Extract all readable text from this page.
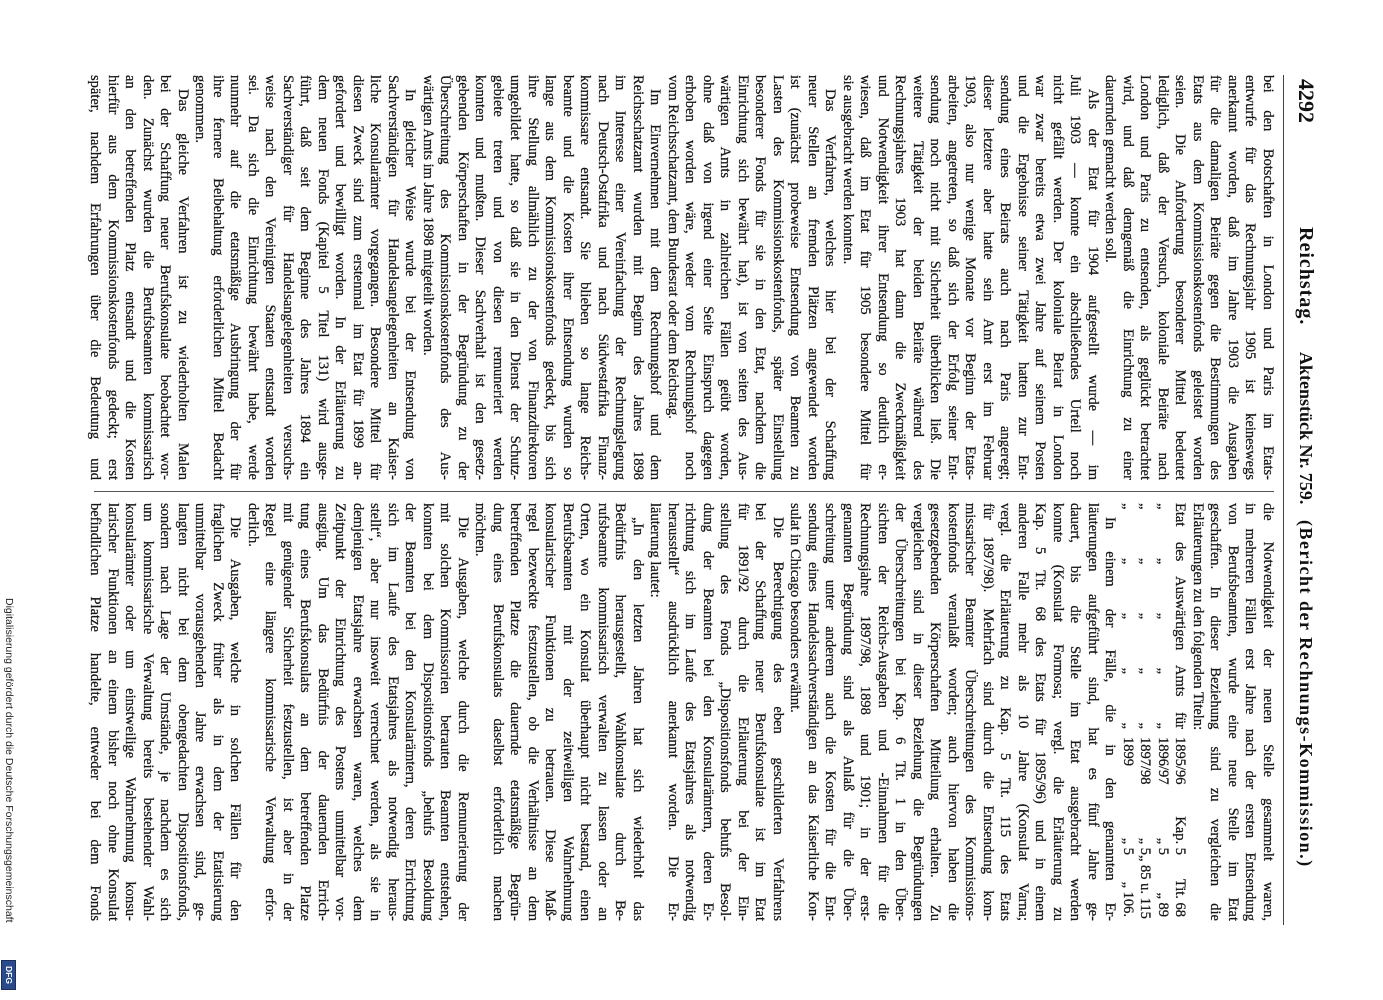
4292
Reichstag.
Aktenstück Nr. 759.
(Bericht der Rechnungs-Kommission.)
bei den Botschaften in London und Paris im Etats-
entwurfe für das Rechnungsjahr 1905 ist keineswegs
anerkannt worden, daß im Jahre 1903 die Ausgaben
für die damaligen Beiräte gegen die Bestimmungen des
Etats aus dem Kommissionskostenfonds geleistet worden
seien. Die Anforderung besonderer Mittel bedeutet
lediglich, daß der Versuch, koloniale Beiräte nach
London und Paris zu entsenden, als geglückt betrachtet
wird, und daß demgemäß die Einrichtung zu einer
dauernden gemacht werden soll.
Als der Etat für 1904 aufgestellt wurde — im
Juli 1903 — konnte ein abschließendes Urteil noch
nicht gefällt werden. Der koloniale Beirat in London
war zwar bereits etwa zwei Jahre auf seinem Posten
und die Ergebnisse seiner Tätigkeit hatten zur Ent-
sendung eines Beirats auch nach Paris angeregt;
dieser letztere aber hatte sein Amt erst im Februar
1903, also nur wenige Monate vor Beginn der Etats-
arbeiten, angetreten, so daß sich der Erfolg seiner Ent-
sendung noch nicht mit Sicherheit überblicken ließ. Die
weitere Tätigkeit der beiden Beiräte während des
Rechnungsjahres 1903 hat dann die Zweckmäßigkeit
und Notwendigkeit ihrer Entsendung so deutlich er-
wiesen, daß im Etat für 1905 besondere Mittel für
sie ausgebracht werden konnten.
Das Verfahren, welches hier bei der Schaffung
neuer Stellen an fremden Plätzen angewendet worden
ist (zunächst probeweise Entsendung von Beamten zu
Lasten des Kommissionskostenfonds, später Einstellung
besonderer Fonds für sie in den Etat, nachdem die
Einrichtung sich bewährt hat), ist von seiten des Aus-
wärtigen Amts in zahlreichen Fällen geübt worden,
ohne daß von irgend einer Seite Einspruch dagegen
erhoben worden wäre, weder vom Rechnungshof noch
vom Reichsschatzamt, dem Bundesrat oder dem Reichstag.
Im Einvernehmen mit dem Rechnungshof und dem
Reichsschatzamt wurden mit Beginn des Jahres 1898
im Interesse einer Vereinfachung der Rechnungslegung
nach Deutsch-Ostafrika und nach Südwestafrika Finanz-
kommissare entsandt. Sie blieben so lange Reichs-
beamte und die Kosten ihrer Entsendung wurden so
lange aus dem Kommissionskostenfonds gedeckt, bis sich
ihre Stellung allmählich zu der von Finanzdirektoren
umgebildet hatte, so daß sie in den Dienst der Schutz-
gebiete treten und von diesen remuneriert werden
konnten und mußten. Dieser Sachverhalt ist den gesetz-
gebenden Körperschaften in der Begründung zu der
Überschreitung des Kommissionskostenfonds des Aus-
wärtigen Amts im Jahre 1898 mitgeteilt worden.
In gleicher Weise wurde bei der Entsendung von
Sachverständigen für Handelsangelegenheiten an Kaiser-
liche Konsularämter vorgegangen. Besondere Mittel für
diesen Zweck sind zum erstenmal im Etat für 1899 an-
gefordert und bewilligt worden. In der Erläuterung zu
dem neuen Fonds (Kapitel 5 Titel 131) wird ausge-
führt, daß seit dem Beginne des Jahres 1894 ein
Sachverständiger für Handelsangelegenheiten versuchs-
weise nach den Vereinigten Staaten entsandt worden
sei. Da sich die Einrichtung bewährt habe, werde
nunmehr auf die etatsmäßige Ausbringung der für
ihre fernere Beibehaltung erforderlichen Mittel Bedacht
genommen.
Das gleiche Verfahren ist zu wiederholten Malen
bei der Schaffung neuer Berufskonsulate beobachtet wor-
den. Zunächst wurden die Berufsbeamten kommissarisch
an den betreffenden Platz entsandt und die Kosten
hierfür aus dem Kommissionskostenfonds gedeckt; erst
später, nachdem Erfahrungen über die Bedeutung und
die Notwendigkeit der neuen Stelle gesammelt waren,
in mehreren Fällen erst Jahre nach der ersten Entsendung
von Berufsbeamten, wurde eine neue Stelle im Etat
geschaffen. In dieser Beziehung sind zu vergleichen die
Erläuterungen zu den folgenden Titeln:
Etat des Auswärtigen Amts für
1895/96
Kap. 5
Tit. 68
„ „ „ „ „
1896/97
„ 5
„ 89
„ „ „ „ „
1897/98
„ 5
„ 85 u. 115
„ „ „ „ „
1899
„ 5
„ 106.
In einem der Fälle, die in den genannten Er-
läuterungen aufgeführt sind, hat es fünf Jahre ge-
dauert, bis die Stelle im Etat ausgebracht werden
konnte (Konsulat Formosa; vergl. die Erläuterung zu
Kap. 5 Tit. 68 des Etats für 1895/96) und in einem
anderen Falle mehr als 10 Jahre (Konsulat Varna;
vergl. die Erläuterung zu Kap. 5 Tit. 115 des Etats
für 1897/98). Mehrfach sind durch die Entsendung kom-
missarischer Beamter Überschreitungen des Kommissions-
kostenfonds veranlaßt worden; auch hiervon haben die
gesetzgebenden Körperschaften Mitteilung erhalten. Zu
vergleichen sind in dieser Beziehung die Begründungen
der Überschreitungen bei Kap. 6 Tit. 1 in den Über-
sichten der Reichs-Ausgaben und -Einnahmen für die
Rechnungsjahre 1897/98, 1898 und 1901; in der erst-
genannten Begründung sind als Anlaß für die Über-
schreitung unter anderem auch die Kosten für die Ent-
sendung eines Handelssachverständigen an das Kaiserliche Kon-
sulat in Chicago besonders erwähnt.
Die Berechtigung des eben geschilderten Verfahrens
bei der Schaffung neuer Berufskonsulate ist im Etat
für 1891/92 durch die Erläuterung bei der Ein-
stellung des Fonds „Dispositionsfonds behufs Besol-
dung der Beamten bei den Konsularämtern, deren Er-
richtung sich im Laufe des Etatsjahres als notwendig
herausstellt“ ausdrücklich anerkannt worden. Die Er-
läuterung lautet:
„In den letzten Jahren hat sich wiederholt das
Bedürfnis herausgestellt, Wahlkonsulate durch Be-
rufsbeamte kommissarisch verwalten zu lassen oder an
Orten, wo ein Konsulat überhaupt nicht bestand, einen
Berufsbeamten mit der zeitweiligen Wahrnehmung
konsularischer Funktionen zu betrauen. Diese Maß-
regel bezweckte festzustellen, ob die Verhältnisse an dem
betreffenden Platze die dauernde etatsmäßige Begrün-
dung eines Berufskonsulats daselbst erforderlich machen
möchten.
Die Ausgaben, welche durch die Remunerierung der
mit solchen Kommissorien betrauten Beamten entstehen,
konnten bei dem Dispositionsfonds „behufs Besoldung
der Beamten bei den Konsularämtern, deren Errichtung
sich im Laufe des Etatsjahres als notwendig heraus-
stellt“, aber nur insoweit verrechnet werden, als sie in
demjenigen Etatsjahre erwachsen waren, welches dem
Zeitpunkt der Einrichtung des Postens unmittelbar vor-
ausging. Um das Bedürfnis der dauernden Errich-
tung eines Berufskonsulats an dem betreffenden Platze
mit genügender Sicherheit festzustellen, ist aber in der
Regel eine längere kommissarische Verwaltung erfor-
derlich.
Die Ausgaben, welche in solchen Fällen für den
fraglichen Zweck früher als in dem der Etatisierung
unmittelbar vorausgehenden Jahre erwachsen sind, ge-
langten nicht bei dem obengedachten Dispositionsfonds,
sondern nach Lage der Umstände, je nachdem es sich
um kommissarische Verwaltung bereits bestehender Wahl-
konsularämter oder um einstweilige Wahrnehmung konsu-
larischer Funktionen an einem bisher noch ohne Konsulat
befindlichen Platze handelte, entweder bei dem Fonds
Digitalisierung gefördert durch die Deutsche Forschungsgemeinschaft
DFG
